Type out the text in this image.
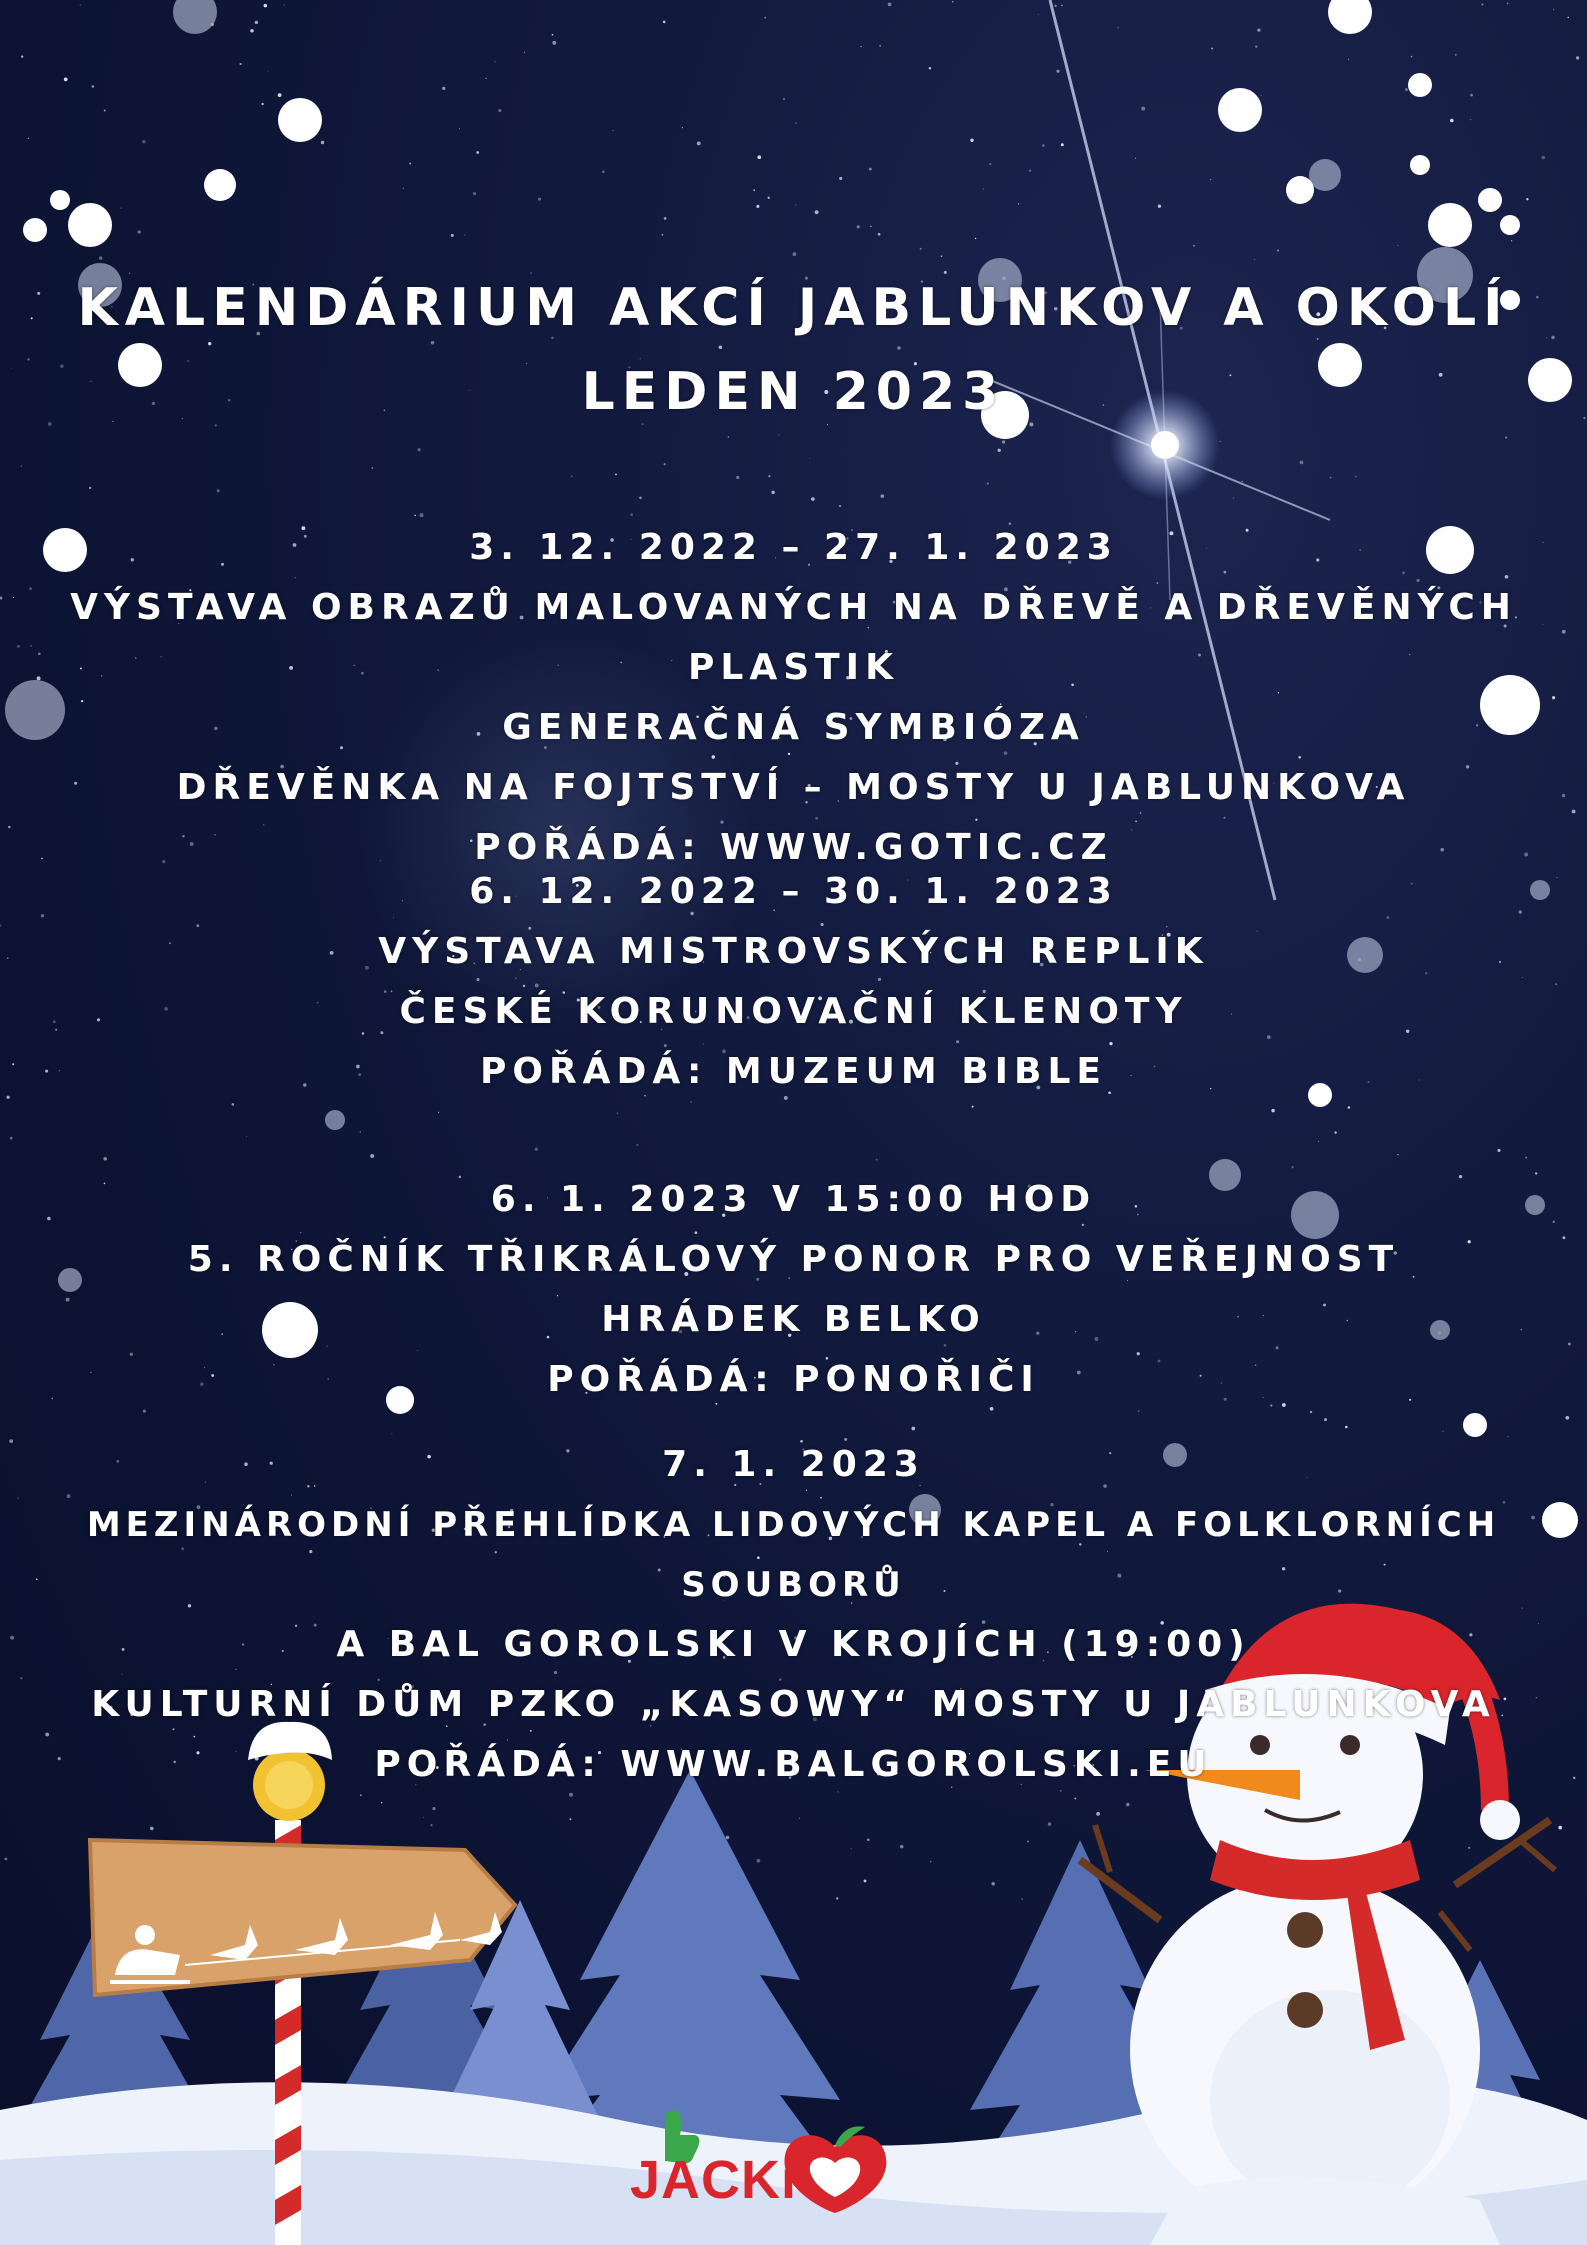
KALENDÁRIUM AKCÍ JABLUNKOV A OKOLÍ
LEDEN 2023
3. 12. 2022 – 27. 1. 2023
VÝSTAVA OBRAZŮ MALOVANÝCH NA DŘEVĚ A DŘEVĚNÝCH PLASTIK
GENERAČNÁ SYMBIÓZA
DŘEVĚNKA NA FOJTSTVÍ – MOSTY U JABLUNKOVA
POŘÁDÁ: WWW.GOTIC.CZ
6. 12. 2022 – 30. 1. 2023
VÝSTAVA MISTROVSKÝCH REPLIK
ČESKÉ KORUNOVAČNÍ KLENOTY
POŘÁDÁ: MUZEUM BIBLE
6. 1. 2023 V 15:00 HOD
5. ROČNÍK TŘIKRÁLOVÝ PONOR PRO VEŘEJNOST
HRÁDEK BELKO
POŘÁDÁ: PONOŘIČI
7. 1. 2023
MEZINÁRODNÍ PŘEHLÍDKA LIDOVÝCH KAPEL A FOLKLORNÍCH SOUBORŮ
A BAL GOROLSKI V KROJÍCH (19:00)
KULTURNÍ DŮM PZKO „KASOWY“ MOSTY U JABLUNKOVA
POŘÁDÁ: WWW.BALGOROLSKI.EU
JACKi
